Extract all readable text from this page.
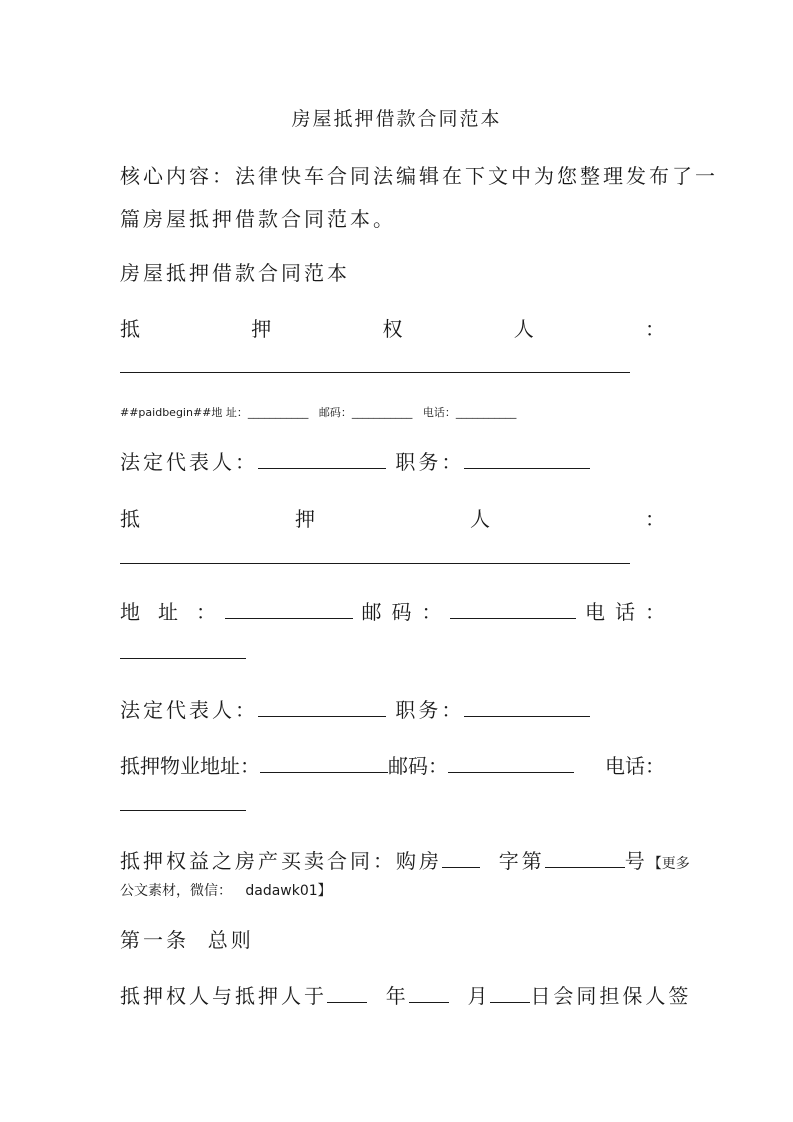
房屋抵押借款合同范本
核心内容：法律快车合同法编辑在下文中为您整理发布了一
篇房屋抵押借款合同范本。
房屋抵押借款合同范本
抵	押	权	人	：
##paidbegin##地 址：___________ 邮码：___________ 电话：___________
法定代表人：	职务：
抵	押	人	：
地 址 ：	邮 码 ：	电 话 ：
法定代表人：	职务：
抵押物业地址：	邮码：	电话：
抵押权益之房产买卖合同：购房	字第	号【更多
公文素材，微信： dadawk01】
第一条  总则
抵押权人与抵押人于	年	月 日会同担保人签
